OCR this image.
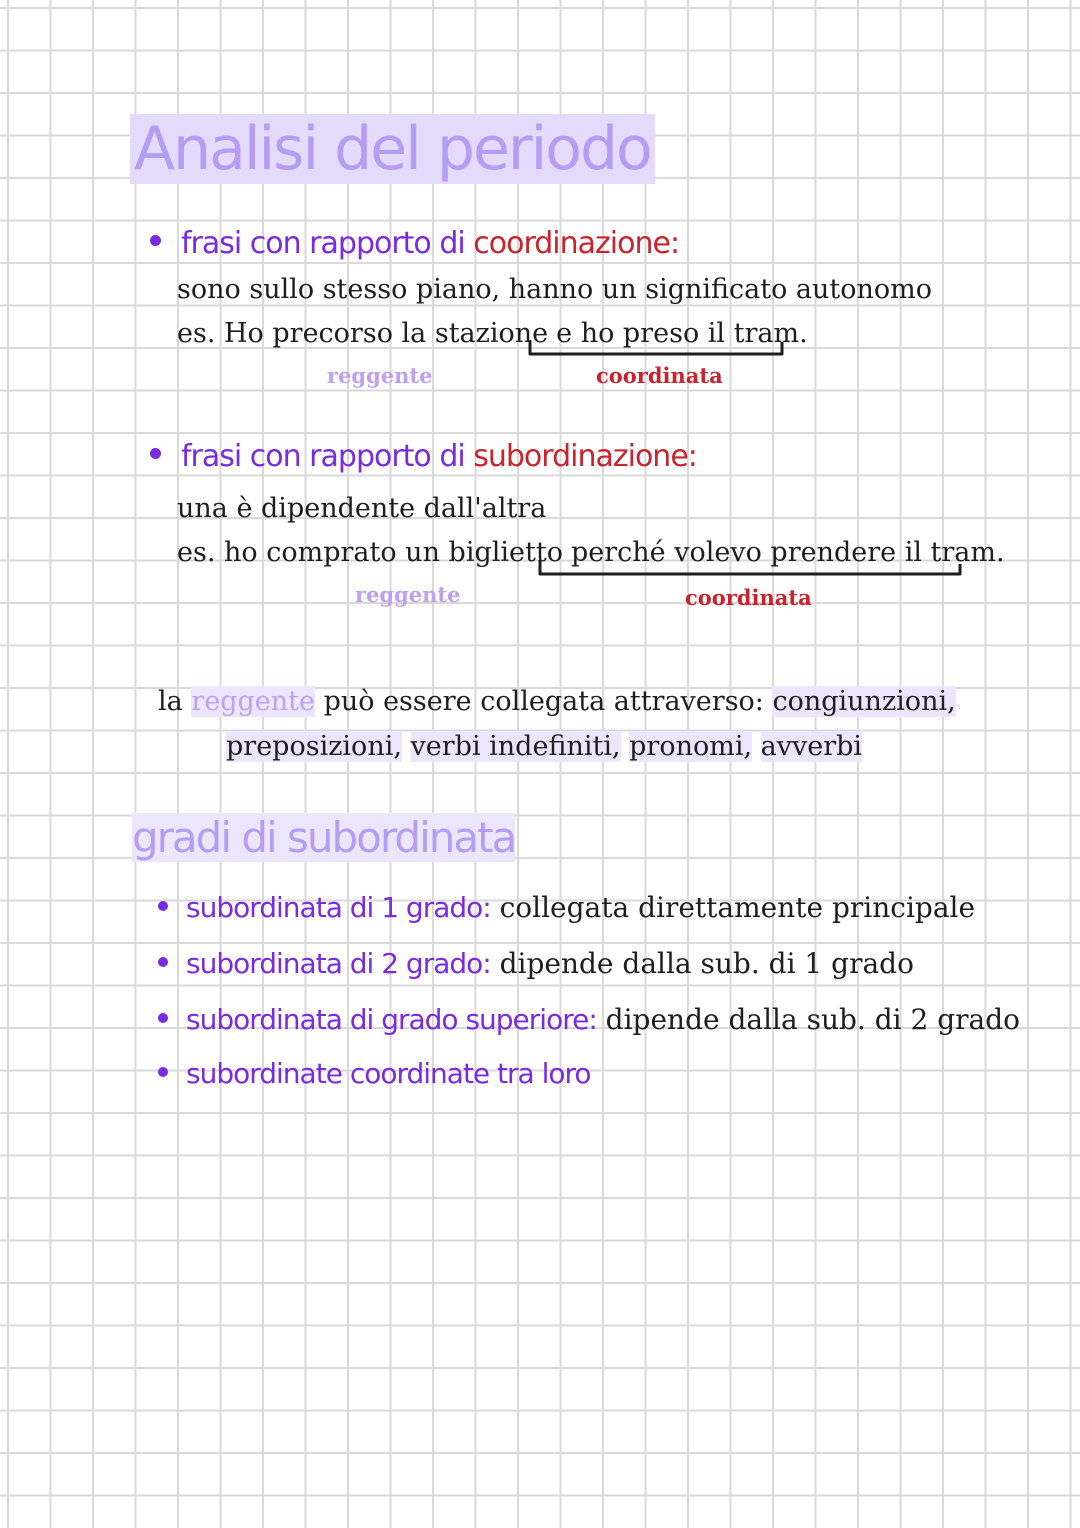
Analisi del periodo
frasi con rapporto di coordinazione:
sono sullo stesso piano, hanno un significato autonomo
es. Ho precorso la stazione e ho preso il tram.
reggente	coordinata
frasi con rapporto di subordinazione:
una è dipendente dall'altra
es. ho comprato un biglietto perché volevo prendere il tram.
reggente	coordinata
la reggente può essere collegata attraverso: congiunzioni,
preposizioni, verbi indefiniti, pronomi, avverbi
gradi di subordinata
subordinata di 1 grado: collegata direttamente principale
subordinata di 2 grado: dipende dalla sub. di 1 grado
subordinata di grado superiore: dipende dalla sub. di 2 grado
subordinate coordinate tra loro
